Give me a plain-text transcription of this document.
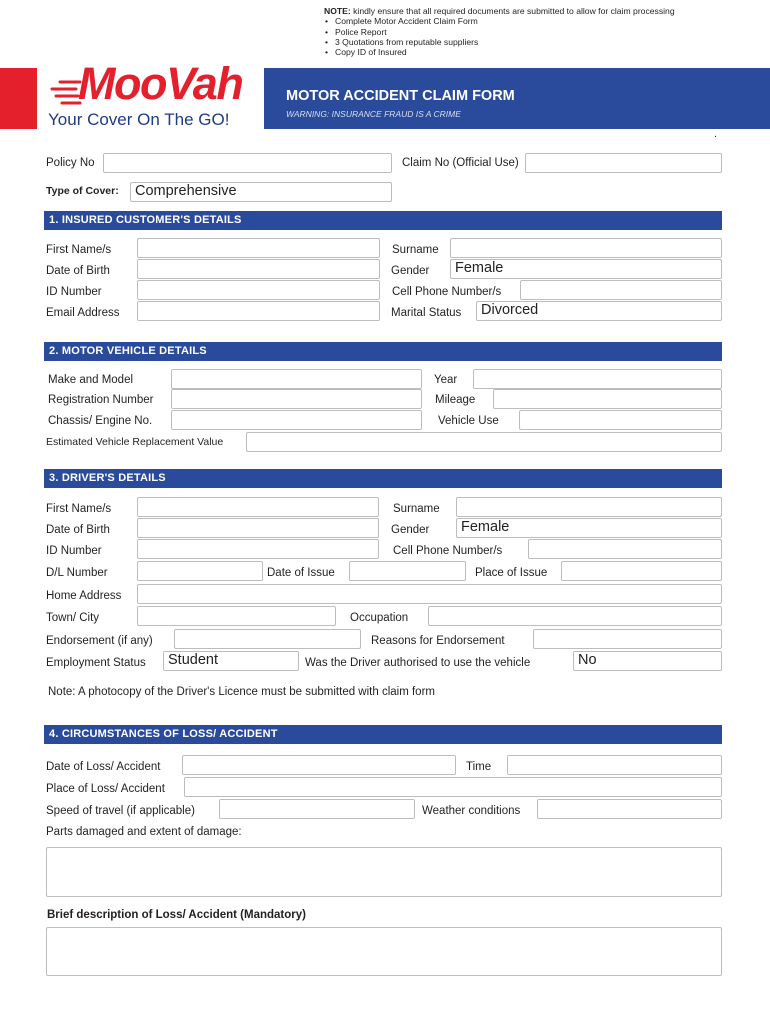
NOTE: kindly ensure that all required documents are submitted to allow for claim processing
• Complete Motor Accident Claim Form
• Police Report
• 3 Quotations from reputable suppliers
• Copy ID of Insured
MooVah
Your Cover On The GO!
MOTOR ACCIDENT CLAIM FORM
WARNING: INSURANCE FRAUD IS A CRIME
.
Policy No	Claim No (Official Use)
Type of Cover:	Comprehensive
1. INSURED CUSTOMER'S DETAILS
First Name/s	Surname
Date of Birth	Gender	Female
ID Number	Cell Phone Number/s
Email Address	Marital Status	Divorced
2. MOTOR VEHICLE DETAILS
Make and Model	Year
Registration Number	Mileage
Chassis/ Engine No.	Vehicle Use
Estimated Vehicle Replacement Value
3. DRIVER'S DETAILS
First Name/s	Surname
Date of Birth	Gender	Female
ID Number	Cell Phone Number/s
D/L Number	Date of Issue	Place of Issue
Home Address
Town/ City	Occupation
Endorsement (if any)	Reasons for Endorsement
Employment Status	Student	Was the Driver authorised to use the vehicle	No
Note: A photocopy of the Driver's Licence must be submitted with claim form
4. CIRCUMSTANCES OF LOSS/ ACCIDENT
Date of Loss/ Accident	Time
Place of Loss/ Accident
Speed of travel (if applicable)	Weather conditions
Parts damaged and extent of damage:
Brief description of Loss/ Accident (Mandatory)
